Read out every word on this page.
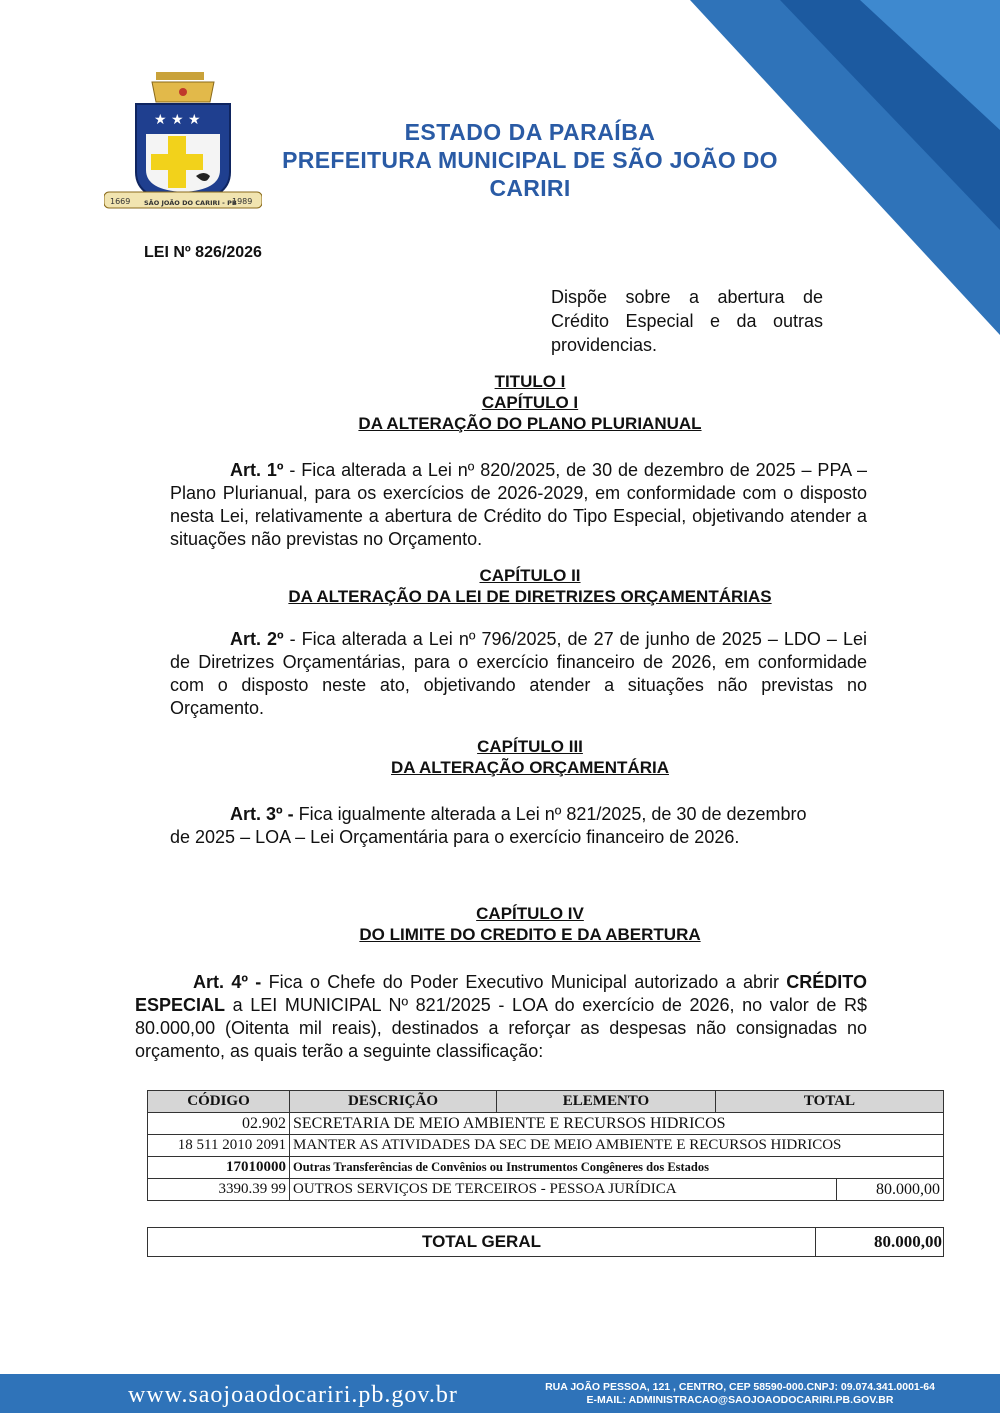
★ ★ ★
1669 SÃO JOÃO DO CARIRI - PB
1989
ESTADO DA PARAÍBA
PREFEITURA MUNICIPAL DE SÃO JOÃO DO CARIRI
LEI Nº 826/2026
Dispõe sobre a abertura de Crédito Especial e da outras providencias.
TITULO I
CAPÍTULO I
DA ALTERAÇÃO DO PLANO PLURIANUAL
Art. 1º - Fica alterada a Lei nº 820/2025, de 30 de dezembro de 2025 – PPA – Plano Plurianual, para os exercícios de 2026-2029, em conformidade com o disposto nesta Lei, relativamente a abertura de Crédito do Tipo Especial, objetivando atender a situações não previstas no Orçamento.
CAPÍTULO II
DA ALTERAÇÃO DA LEI DE DIRETRIZES ORÇAMENTÁRIAS
Art. 2º - Fica alterada a Lei nº 796/2025, de 27 de junho de 2025 – LDO – Lei de Diretrizes Orçamentárias, para o exercício financeiro de 2026, em conformidade com o disposto neste ato, objetivando atender a situações não previstas no Orçamento.
CAPÍTULO III
DA ALTERAÇÃO ORÇAMENTÁRIA
Art. 3º - Fica igualmente alterada a Lei nº 821/2025, de 30 de dezembro de 2025 – LOA – Lei Orçamentária para o exercício financeiro de 2026.
CAPÍTULO IV
DO LIMITE DO CREDITO E DA ABERTURA
Art. 4º - Fica o Chefe do Poder Executivo Municipal autorizado a abrir CRÉDITO ESPECIAL a LEI MUNICIPAL Nº 821/2025 - LOA do exercício de 2026, no valor de R$ 80.000,00 (Oitenta mil reais), destinados a reforçar as despesas não consignadas no orçamento, as quais terão a seguinte classificação:
CÓDIGO	DESCRIÇÃO	ELEMENTO	TOTAL	
02.902	SECRETARIA DE MEIO AMBIENTE E RECURSOS HIDRICOS			
18 511 2010 2091	MANTER AS ATIVIDADES DA SEC DE MEIO AMBIENTE E RECURSOS HIDRICOS			
17010000	Outras Transferências de Convênios ou Instrumentos Congêneres dos Estados			
3390.39 99	OUTROS SERVIÇOS DE TERCEIROS - PESSOA JURÍDICA			80.000,00
TOTAL GERAL	80.000,00
www.saojoaodocariri.pb.gov.br	RUA JOÃO PESSOA, 121 , CENTRO, CEP 58590-000.CNPJ: 09.074.341.0001-64
E-MAIL: ADMINISTRACAO@SAOJOAODOCARIRI.PB.GOV.BR
